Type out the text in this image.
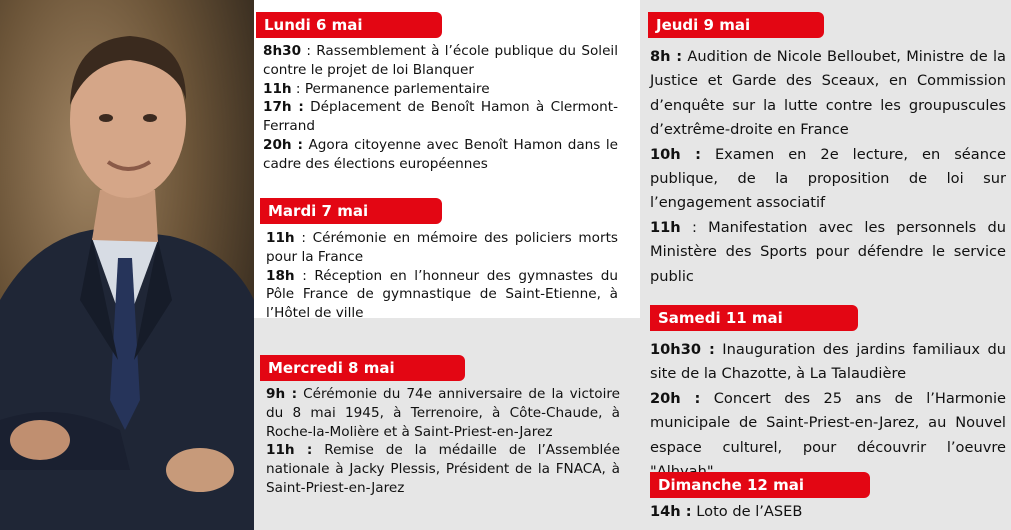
Lundi 6 mai

8h30 : Rassemblement à l’école publique du Soleil contre le projet de loi Blanquer

11h : Permanence parlementaire

17h : Déplacement de Benoît Hamon à Clermont-Ferrand

20h : Agora citoyenne avec Benoît Hamon dans le cadre des élections européennes

Mardi 7 mai

11h : Cérémonie en mémoire des policiers morts pour la France

18h : Réception en l’honneur des gymnastes du Pôle France de gymnastique de Saint-Etienne, à l’Hôtel de ville

Mercredi 8 mai

9h : Cérémonie du 74e anniversaire de la victoire du 8 mai 1945, à Terrenoire, à Côte-Chaude, à Roche-la-Molière et à Saint-Priest-en-Jarez

11h : Remise de la médaille de l’Assemblée nationale à Jacky Plessis, Président de la FNACA, à Saint-Priest-en-Jarez

Jeudi 9 mai

8h : Audition de Nicole Belloubet, Ministre de la Justice et Garde des Sceaux, en Commission d’enquête sur la lutte contre les groupuscules d’extrême-droite en France

10h : Examen en 2e lecture, en séance publique, de la proposition de loi sur l’engagement associatif

11h : Manifestation avec les personnels du Ministère des Sports pour défendre le service public

Samedi 11 mai

10h30 : Inauguration des jardins familiaux du site de la Chazotte, à La Talaudière

20h : Concert des 25 ans de l’Harmonie municipale de Saint-Priest-en-Jarez, au Nouvel espace culturel, pour découvrir l’oeuvre

Dimanche 12 mai

14h : Loto de l’ASEB
